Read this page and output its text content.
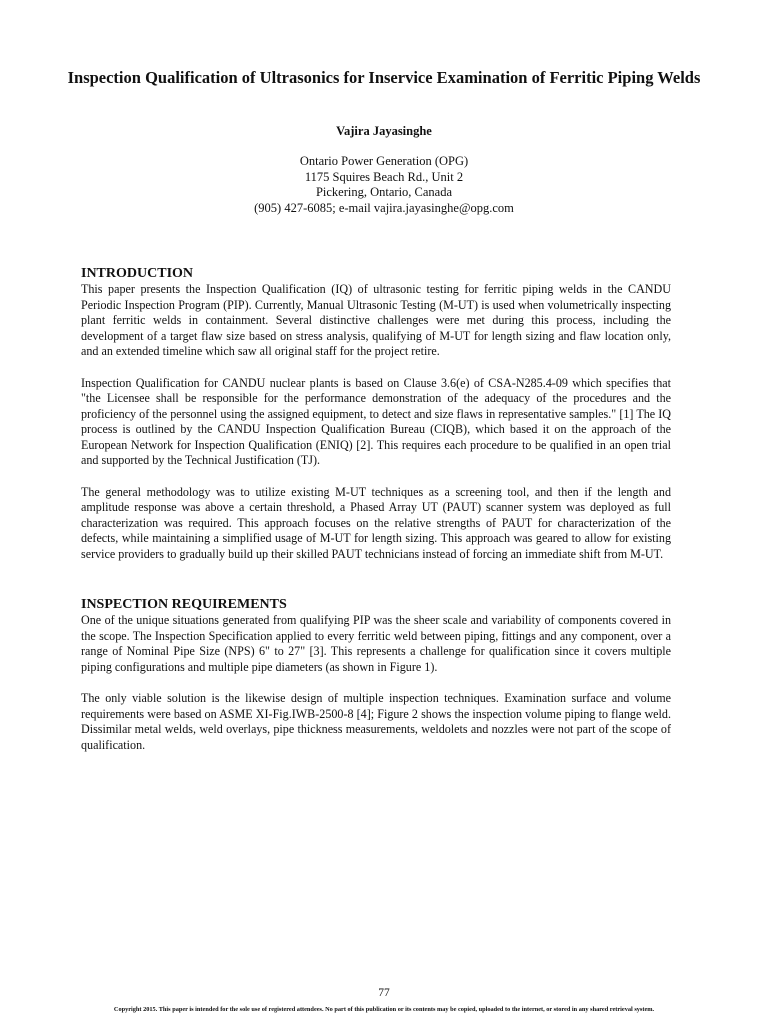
Inspection Qualification of Ultrasonics for Inservice Examination of Ferritic Piping Welds
Vajira Jayasinghe
Ontario Power Generation (OPG)
1175 Squires Beach Rd., Unit 2
Pickering, Ontario, Canada
(905) 427-6085; e-mail vajira.jayasinghe@opg.com
INTRODUCTION

This paper presents the Inspection Qualification (IQ) of ultrasonic testing for ferritic piping welds in the CANDU Periodic Inspection Program (PIP). Currently, Manual Ultrasonic Testing (M-UT) is used when volumetrically inspecting plant ferritic welds in containment. Several distinctive challenges were met during this process, including the development of a target flaw size based on stress analysis, qualifying of M-UT for length sizing and flaw location only, and an extended timeline which saw all original staff for the project retire.

Inspection Qualification for CANDU nuclear plants is based on Clause 3.6(e) of CSA-N285.4-09 which specifies that "the Licensee shall be responsible for the performance demonstration of the adequacy of the procedures and the proficiency of the personnel using the assigned equipment, to detect and size flaws in representative samples." [1] The IQ process is outlined by the CANDU Inspection Qualification Bureau (CIQB), which based it on the approach of the European Network for Inspection Qualification (ENIQ) [2]. This requires each procedure to be qualified in an open trial and supported by the Technical Justification (TJ).

The general methodology was to utilize existing M-UT techniques as a screening tool, and then if the length and amplitude response was above a certain threshold, a Phased Array UT (PAUT) scanner system was deployed as full characterization was required. This approach focuses on the relative strengths of PAUT for characterization of the defects, while maintaining a simplified usage of M-UT for length sizing. This approach was geared to allow for existing service providers to gradually build up their skilled PAUT technicians instead of forcing an immediate shift from M-UT.

INSPECTION REQUIREMENTS

One of the unique situations generated from qualifying PIP was the sheer scale and variability of components covered in the scope. The Inspection Specification applied to every ferritic weld between piping, fittings and any component, over a range of Nominal Pipe Size (NPS) 6" to 27" [3]. This represents a challenge for qualification since it covers multiple piping configurations and multiple pipe diameters (as shown in Figure 1).

The only viable solution is the likewise design of multiple inspection techniques. Examination surface and volume requirements were based on ASME XI-Fig.IWB-2500-8 [4]; Figure 2 shows the inspection volume piping to flange weld. Dissimilar metal welds, weld overlays, pipe thickness measurements, weldolets and nozzles were not part of the scope of qualification.

77
Copyright 2015. This paper is intended for the sole use of registered attendees. No part of this publication or its contents may be copied, uploaded to the internet, or stored in any shared retrieval system.
